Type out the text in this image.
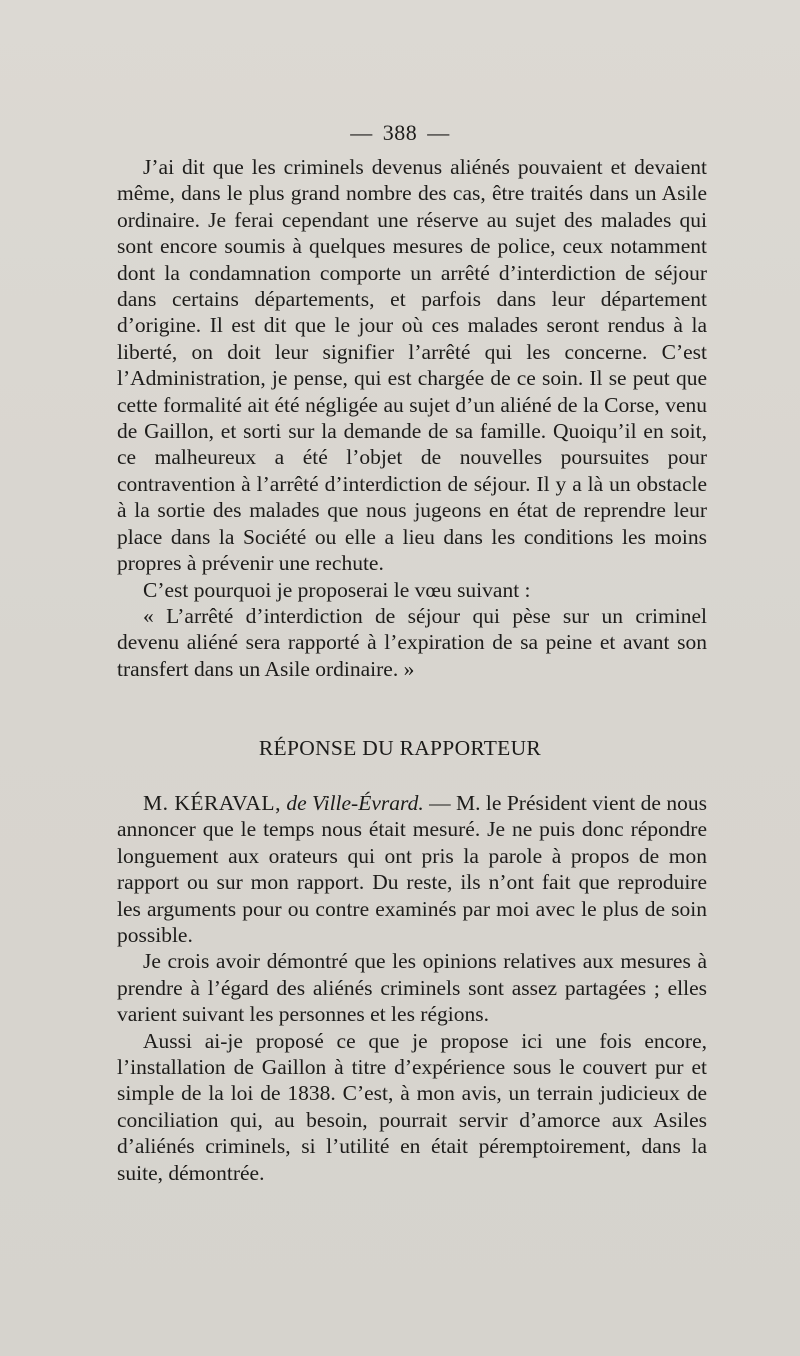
— 388 —

J’ai dit que les criminels devenus aliénés pouvaient et devaient même, dans le plus grand nombre des cas, être traités dans un Asile ordinaire. Je ferai cependant une réserve au sujet des malades qui sont encore soumis à quelques mesures de police, ceux notamment dont la condamnation comporte un arrêté d’interdiction de séjour dans certains départements, et parfois dans leur département d’origine. Il est dit que le jour où ces malades seront rendus à la liberté, on doit leur signifier l’arrêté qui les concerne. C’est l’Administration, je pense, qui est chargée de ce soin. Il se peut que cette formalité ait été négligée au sujet d’un aliéné de la Corse, venu de Gaillon, et sorti sur la demande de sa famille. Quoiqu’il en soit, ce malheureux a été l’objet de nouvelles poursuites pour contravention à l’arrêté d’interdiction de séjour. Il y a là un obstacle à la sortie des malades que nous jugeons en état de reprendre leur place dans la Société ou elle a lieu dans les conditions les moins propres à prévenir une rechute.

C’est pourquoi je proposerai le vœu suivant :

« L’arrêté d’interdiction de séjour qui pèse sur un criminel devenu aliéné sera rapporté à l’expiration de sa peine et avant son transfert dans un Asile ordinaire. »

RÉPONSE DU RAPPORTEUR

M. KÉRAVAL, de Ville-Évrard. — M. le Président vient de nous annoncer que le temps nous était mesuré. Je ne puis donc répondre longuement aux orateurs qui ont pris la parole à propos de mon rapport ou sur mon rapport. Du reste, ils n’ont fait que reproduire les arguments pour ou contre examinés par moi avec le plus de soin possible.

Je crois avoir démontré que les opinions relatives aux mesures à prendre à l’égard des aliénés criminels sont assez partagées ; elles varient suivant les personnes et les régions.

Aussi ai-je proposé ce que je propose ici une fois encore, l’installation de Gaillon à titre d’expérience sous le couvert pur et simple de la loi de 1838. C’est, à mon avis, un terrain judicieux de conciliation qui, au besoin, pourrait servir d’amorce aux Asiles d’aliénés criminels, si l’utilité en était péremptoirement, dans la suite, démontrée.
